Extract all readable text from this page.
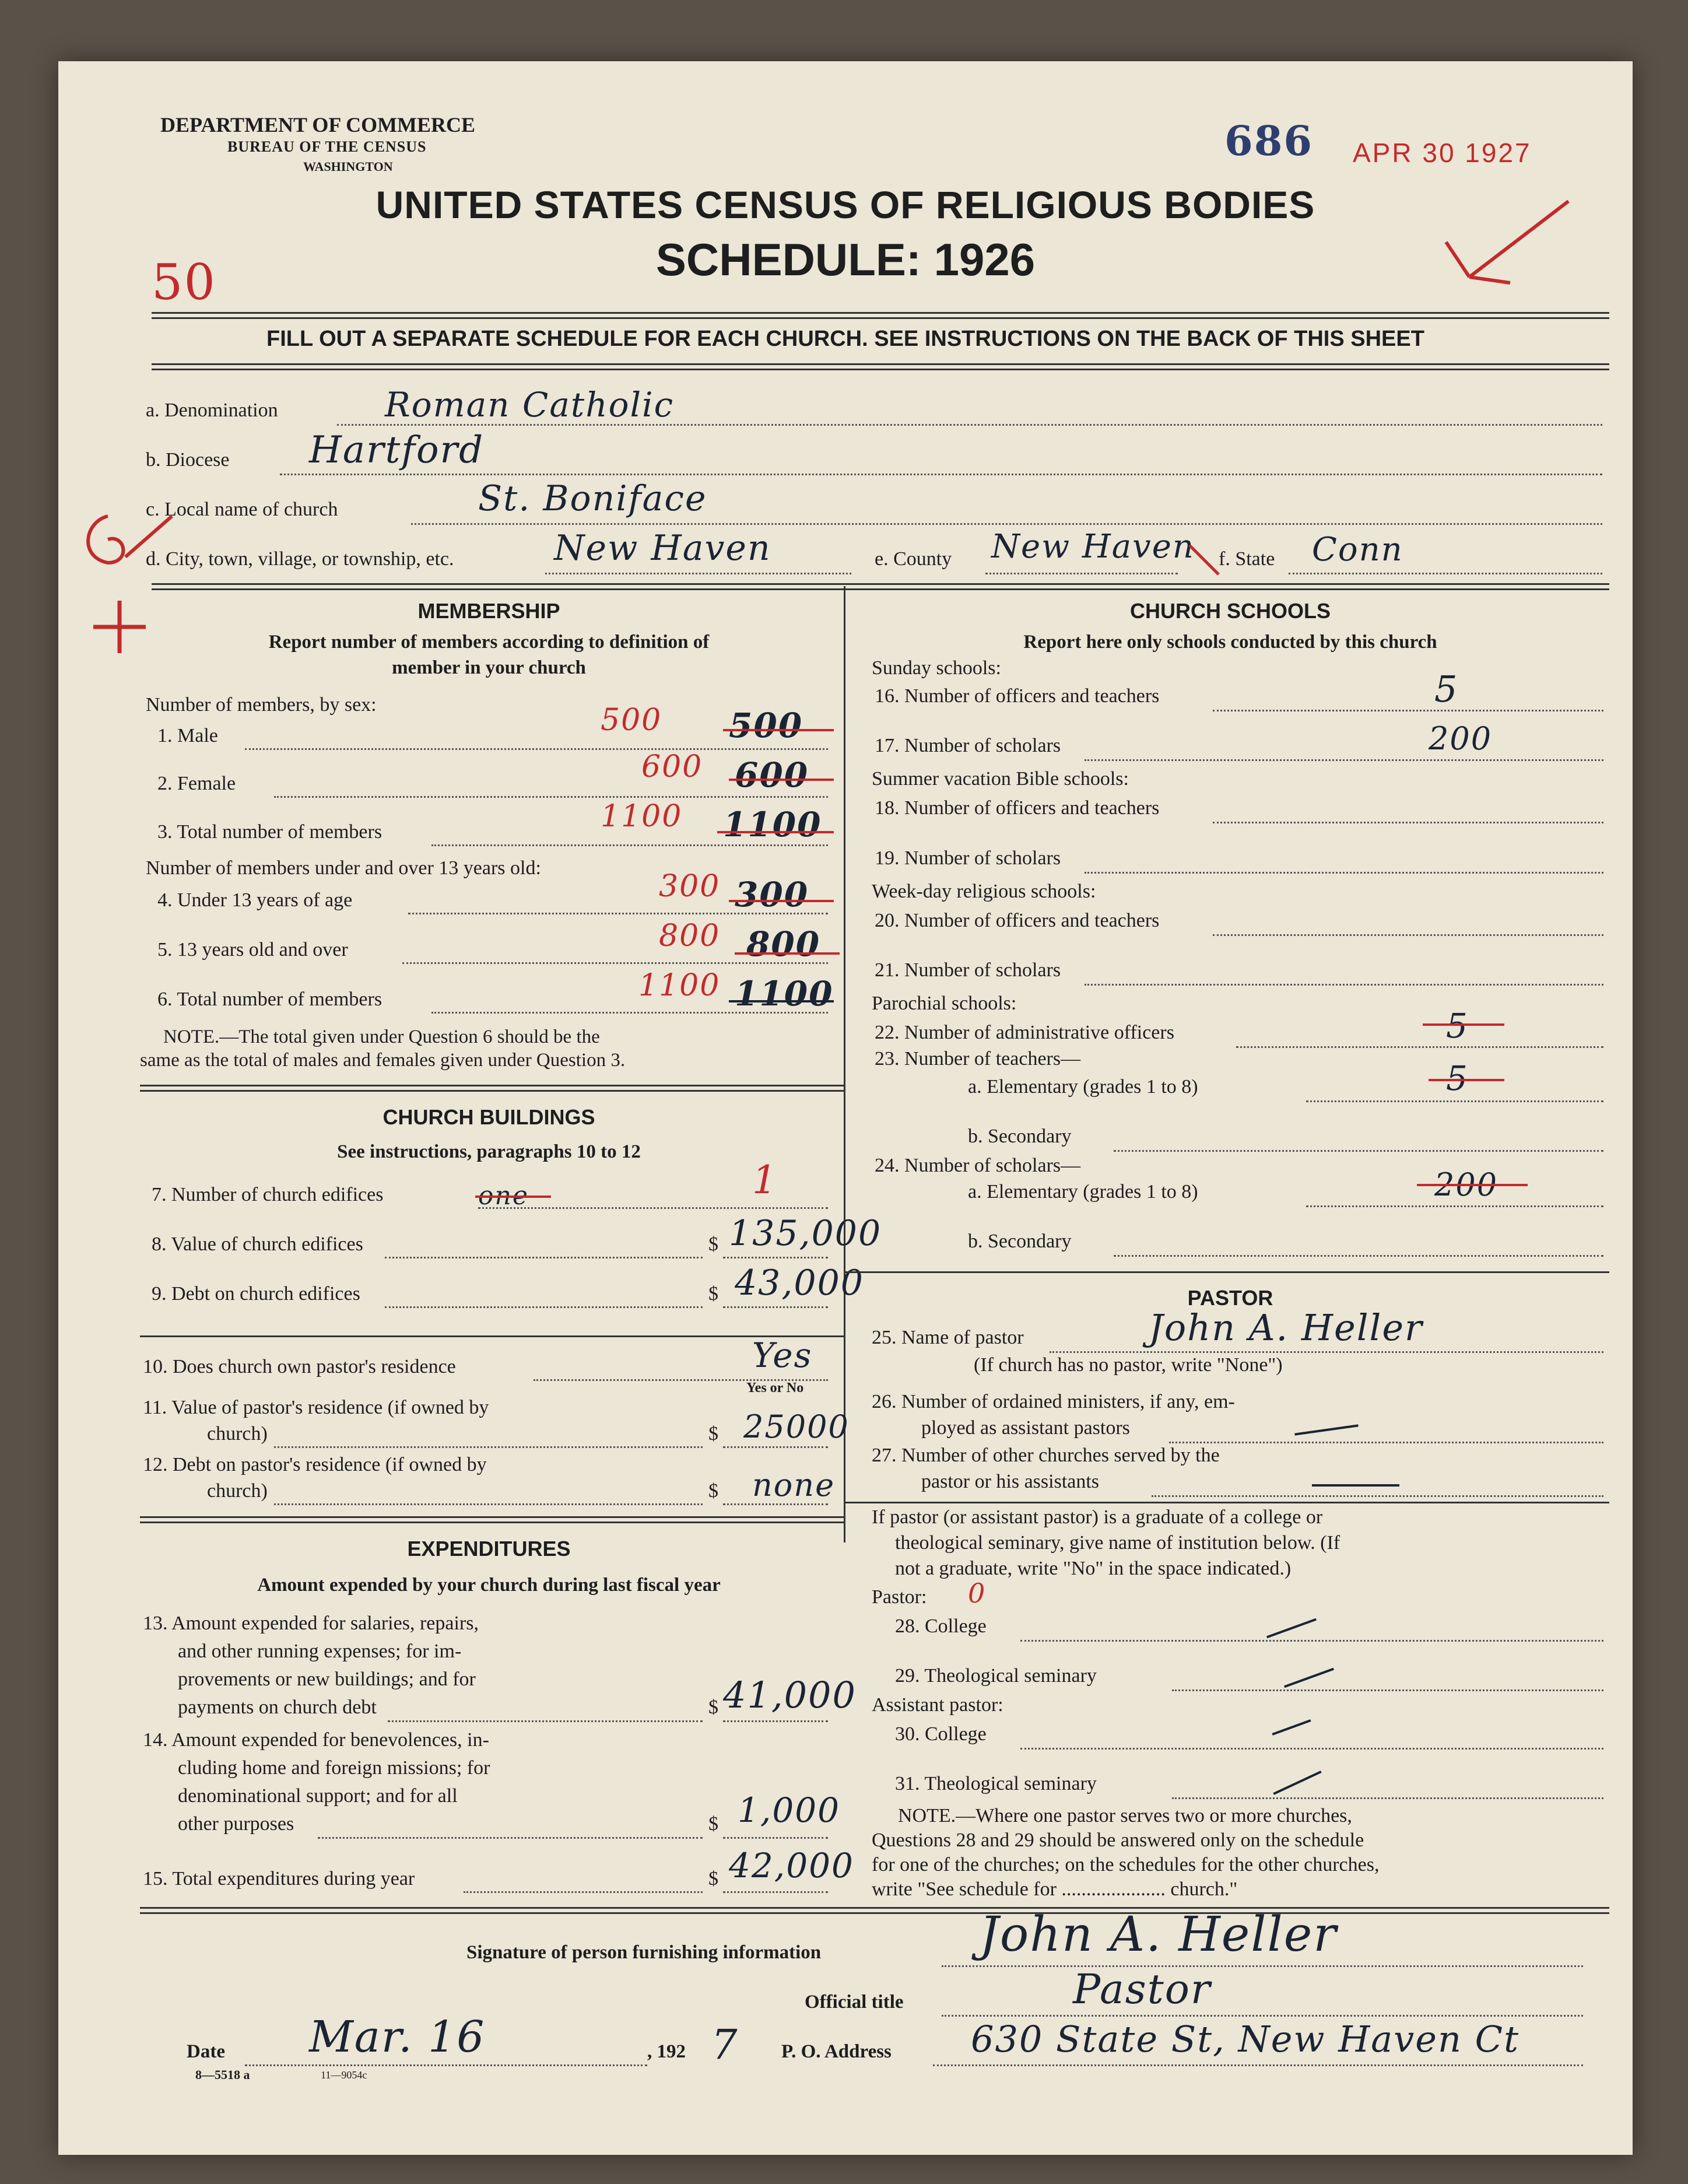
DEPARTMENT OF COMMERCE
BUREAU OF THE CENSUS
WASHINGTON
686 APR 30 1927
UNITED STATES CENSUS OF RELIGIOUS BODIES
SCHEDULE: 1926
50
FILL OUT A SEPARATE SCHEDULE FOR EACH CHURCH. SEE INSTRUCTIONS ON THE BACK OF THIS SHEET
a. Denomination	Roman Catholic
b. Diocese Hartford
c. Local name of church	St. Boniface
d. City, town, village, or township, etc.	New Haven	e. County New Haven f. State Conn
MEMBERSHIP
Report number of members according to definition of
member in your church
Number of members, by sex:
1. Male	500 500
2. Female	600 600
3. Total number of members	1100 1100
Number of members under and over 13 years old:
4. Under 13 years of age	300 300
5. 13 years old and over	800 800
6. Total number of members	1100 1100
NOTE.—The total given under Question 6 should be the
same as the total of males and females given under Question 3.
CHURCH BUILDINGS
See instructions, paragraphs 10 to 12
7. Number of church edifices	one	1
8. Value of church edifices	$ 135,000
9. Debt on church edifices	$ 43,000
10. Does church own pastor's residence	Yes
Yes or No
11. Value of pastor's residence (if owned by
church)	$ 25000
12. Debt on pastor's residence (if owned by
church)	$ none
EXPENDITURES
Amount expended by your church during last fiscal year
13. Amount expended for salaries, repairs,
and other running expenses; for im-
provements or new buildings; and for
payments on church debt	$ 41,000
14. Amount expended for benevolences, in-
cluding home and foreign missions; for
denominational support; and for all
other purposes	$ 1,000
15. Total expenditures during year	$ 42,000
CHURCH SCHOOLS
Report here only schools conducted by this church
Sunday schools:
16. Number of officers and teachers	5
17. Number of scholars	200
Summer vacation Bible schools:
18. Number of officers and teachers
19. Number of scholars
Week-day religious schools:
20. Number of officers and teachers
21. Number of scholars
Parochial schools:
22. Number of administrative officers	5
23. Number of teachers—
a. Elementary (grades 1 to 8)	5
b. Secondary
24. Number of scholars—
a. Elementary (grades 1 to 8)	200
b. Secondary
PASTOR
25. Name of pastor	John A. Heller
(If church has no pastor, write "None")
26. Number of ordained ministers, if any, em-
ployed as assistant pastors
27. Number of other churches served by the
pastor or his assistants
If pastor (or assistant pastor) is a graduate of a college or
theological seminary, give name of institution below. (If
not a graduate, write "No" in the space indicated.)
Pastor: 0
28. College
29. Theological seminary
Assistant pastor:
30. College
31. Theological seminary
NOTE.—Where one pastor serves two or more churches,
Questions 28 and 29 should be answered only on the schedule
for one of the churches; on the schedules for the other churches,
write "See schedule for ..................... church."
Signature of person furnishing information	John A. Heller
Official title	Pastor
Date Mar. 16	, 192 7 P. O. Address 630 State St, New Haven Ct
8—5518 a	11—9054c
